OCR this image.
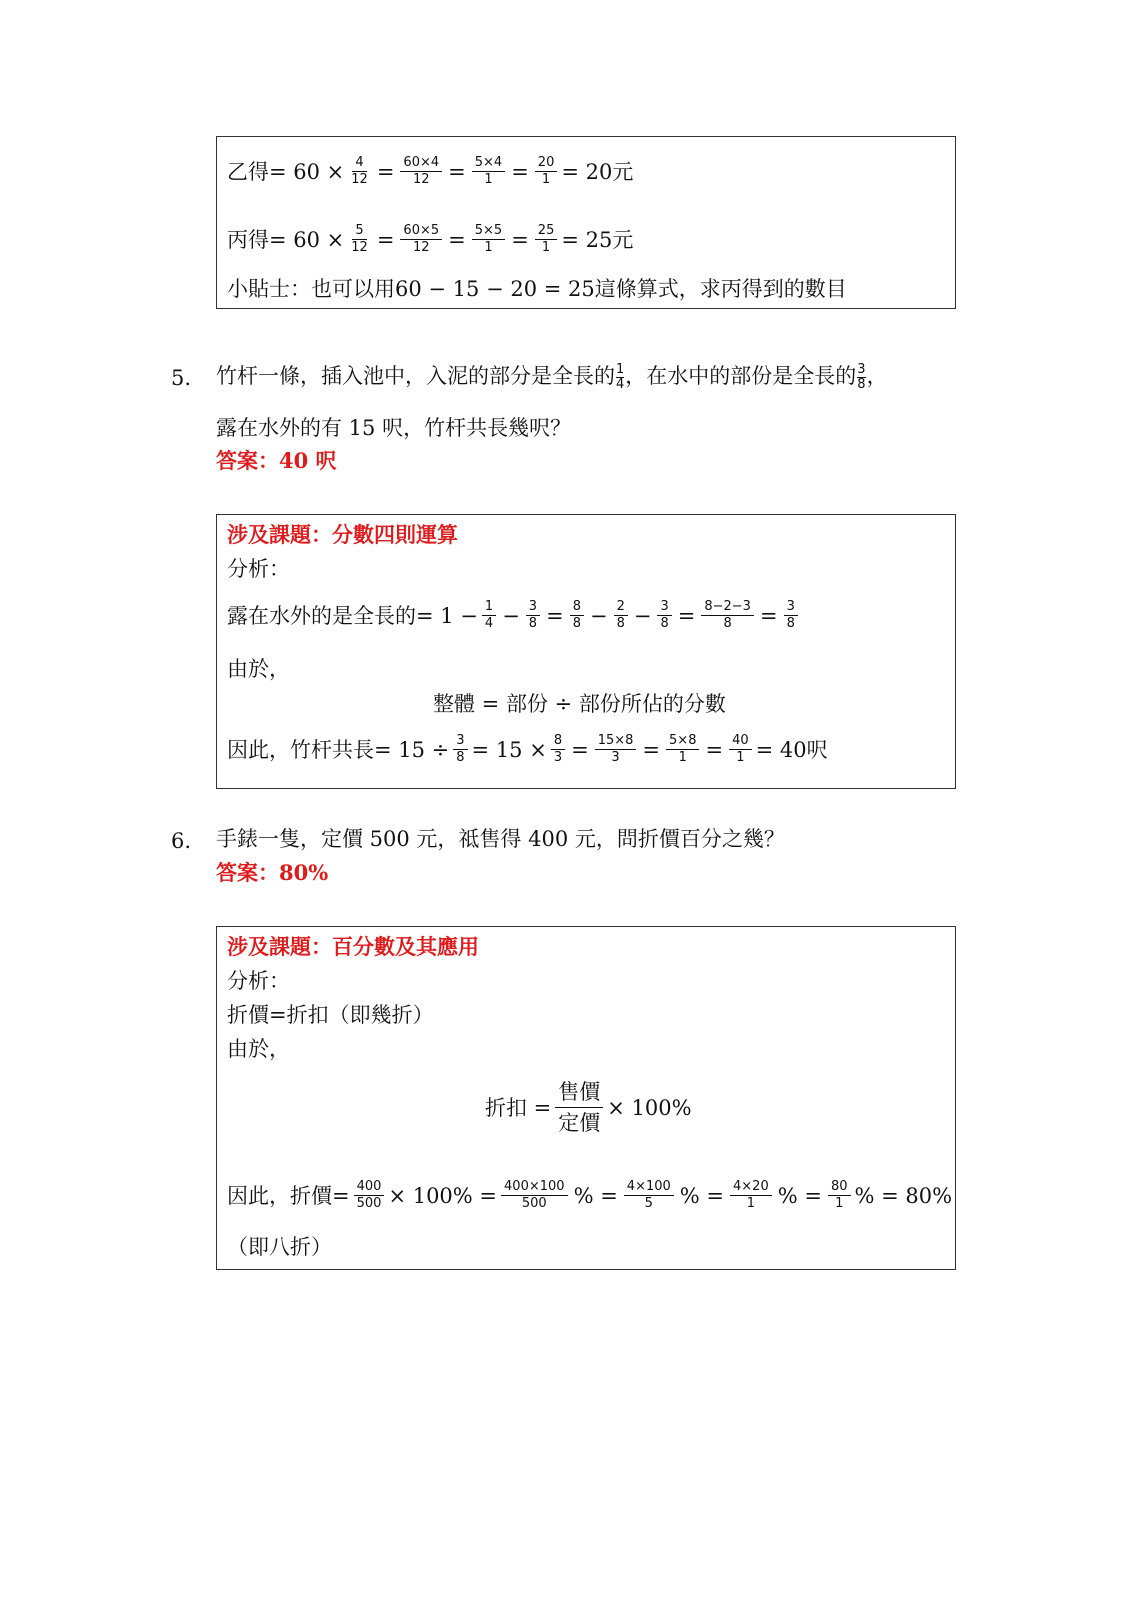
乙得= $60 \times \frac{4}{12} = \frac{60\times 4}{12} = \frac{5\times 4}{1} = \frac{20}{1} = 20$元
丙得= $60 \times \frac{5}{12} = \frac{60\times 5}{12} = \frac{5\times 5}{1} = \frac{25}{1} = 25$元
小貼士：也可以用60 − 15 − 20 = 25這條算式，求丙得到的數目
5. 竹杆一條，插入池中，入泥的部分是全長的 $\frac{1}{4}$ ，在水中的部份是全長的 $\frac{3}{8}$ ，
露在水外的有 15 呎，竹杆共長幾呎？
答案：40 呎
涉及課題：分數四則運算
分析：
露在水外的是全長的= $1 - \frac{1}{4} - \frac{3}{8} = \frac{8}{8} - \frac{2}{8} - \frac{3}{8} = \frac{8-2-3}{8} = \frac{3}{8}$
由於，
整體 = 部份 ÷ 部份所佔的分數
因此，竹杆共長= $15 \div \frac{3}{8} = 15 \times \frac{8}{3} = \frac{15\times 8}{3} = \frac{5\times 8}{1} = \frac{40}{1} = 40$呎
6. 手錶一隻，定價 500 元，祗售得 400 元，問折價百分之幾？
答案：80%
涉及課題：百分數及其應用
分析：
折價=折扣（即幾折）
由於，
折扣 = $\frac{\text{售價}}{\text{定價}} \times 100\%$
因此，折價= $\frac{400}{500} \times 100\% = \frac{400\times 100}{500}$ % = $\frac{4\times 100}{5}$ % = $\frac{4\times 20}{1}$ % = $\frac{80}{1}$ % = 80%
（即八折）
